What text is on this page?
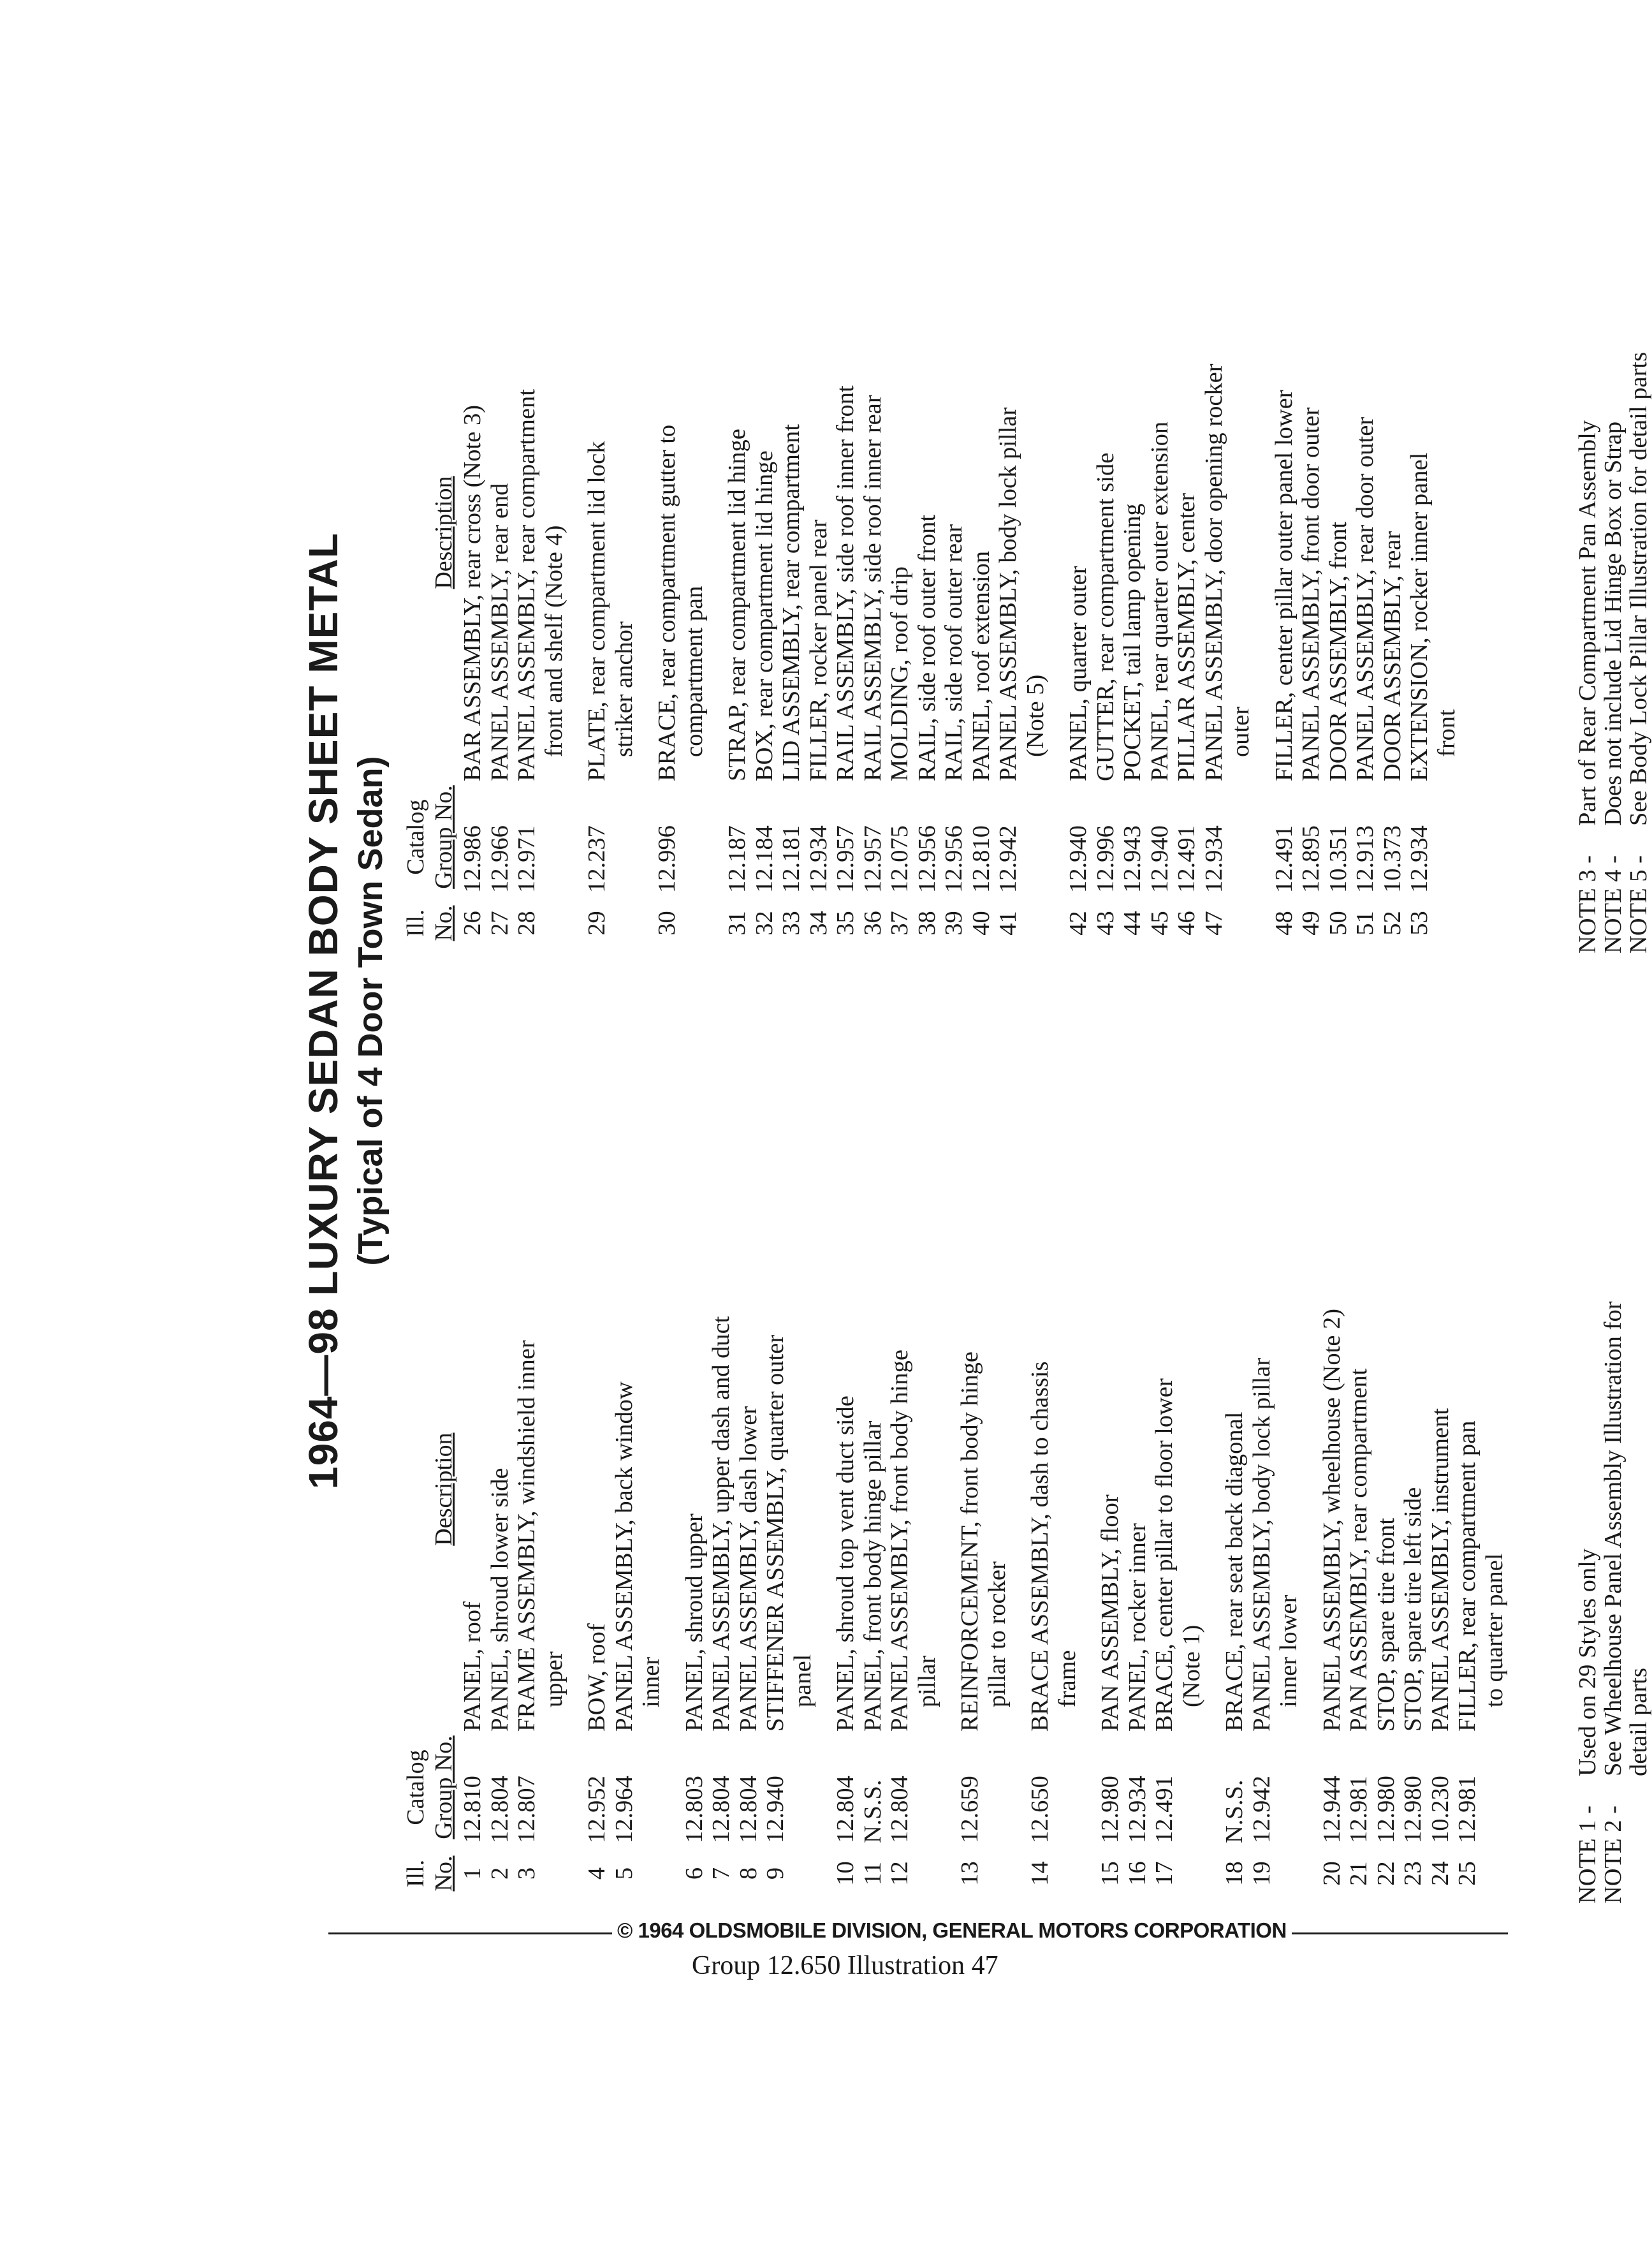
1964—98 LUXURY SEDAN BODY SHEET METAL (Typical of 4 Door Town Sedan)
Ill. No.
Catalog Group No.
Description
Ill. No.
Catalog Group No.
Description
1
12.810
PANEL, roof
2
12.804
PANEL, shroud lower side
3
12.807
FRAME ASSEMBLY, windshield inner upper
4
12.952
BOW, roof
5
12.964
PANEL ASSEMBLY, back window inner
6
12.803
PANEL, shroud upper
7
12.804
PANEL ASSEMBLY, upper dash and duct
8
12.804
PANEL ASSEMBLY, dash lower
9
12.940
STIFFENER ASSEMBLY, quarter outer panel
10
12.804
PANEL, shroud top vent duct side
11
N.S.S.
PANEL, front body hinge pillar
12
12.804
PANEL ASSEMBLY, front body hinge pillar
13
12.659
REINFORCEMENT, front body hinge pillar to rocker
14
12.650
BRACE ASSEMBLY, dash to chassis frame
15
12.980
PAN ASSEMBLY, floor
16
12.934
PANEL, rocker inner
17
12.491
BRACE, center pillar to floor lower (Note 1)
18
N.S.S.
BRACE, rear seat back diagonal
19
12.942
PANEL ASSEMBLY, body lock pillar inner lower
20
12.944
PANEL ASSEMBLY, wheelhouse (Note 2)
21
12.981
PAN ASSEMBLY, rear compartment
22
12.980
STOP, spare tire front
23
12.980
STOP, spare tire left side
24
10.230
PANEL ASSEMBLY, instrument
25
12.981
FILLER, rear compartment pan to quarter panel
26
12.986
BAR ASSEMBLY, rear cross (Note 3)
27
12.966
PANEL ASSEMBLY, rear end
28
12.971
PANEL ASSEMBLY, rear compartment front and shelf (Note 4)
29
12.237
PLATE, rear compartment lid lock striker anchor
30
12.996
BRACE, rear compartment gutter to compartment pan
31
12.187
STRAP, rear compartment lid hinge
32
12.184
BOX, rear compartment lid hinge
33
12.181
LID ASSEMBLY, rear compartment
34
12.934
FILLER, rocker panel rear
35
12.957
RAIL ASSEMBLY, side roof inner front
36
12.957
RAIL ASSEMBLY, side roof inner rear
37
12.075
MOLDING, roof drip
38
12.956
RAIL, side roof outer front
39
12.956
RAIL, side roof outer rear
40
12.810
PANEL, roof extension
41
12.942
PANEL ASSEMBLY, body lock pillar (Note 5)
42
12.940
PANEL, quarter outer
43
12.996
GUTTER, rear compartment side
44
12.943
POCKET, tail lamp opening
45
12.940
PANEL, rear quarter outer extension
46
12.491
PILLAR ASSEMBLY, center
47
12.934
PANEL ASSEMBLY, door opening rocker outer
48
12.491
FILLER, center pillar outer panel lower
49
12.895
PANEL ASSEMBLY, front door outer
50
10.351
DOOR ASSEMBLY, front
51
12.913
PANEL ASSEMBLY, rear door outer
52
10.373
DOOR ASSEMBLY, rear
53
12.934
EXTENSION, rocker inner panel front
NOTE 1 -
Used on 29 Styles only
NOTE 2 -
See Wheelhouse Panel Assembly Illustration for
detail parts
NOTE 3 -
Part of Rear Compartment Pan Assembly
NOTE 4 -
Does not include Lid Hinge Box or Strap
NOTE 5 -
See Body Lock Pillar Illustration for detail parts
© 1964 OLDSMOBILE DIVISION, GENERAL MOTORS CORPORATION
Group 12.650 Illustration 47
